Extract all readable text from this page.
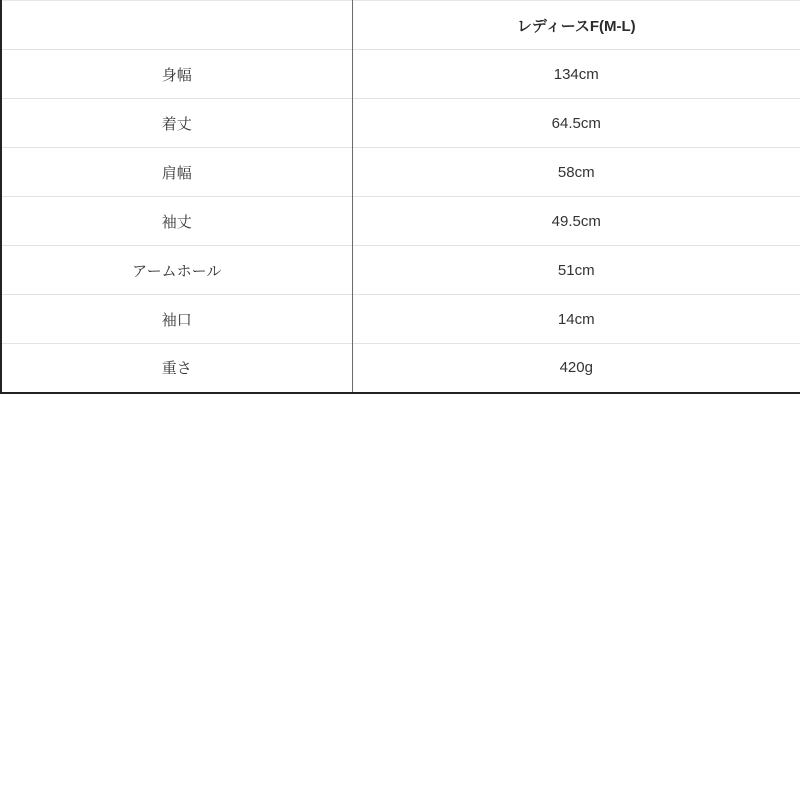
	レディースF(M-L)
身幅	134cm
着丈	64.5cm
肩幅	58cm
袖丈	49.5cm
アームホール	51cm
袖口	14cm
重さ	420g
